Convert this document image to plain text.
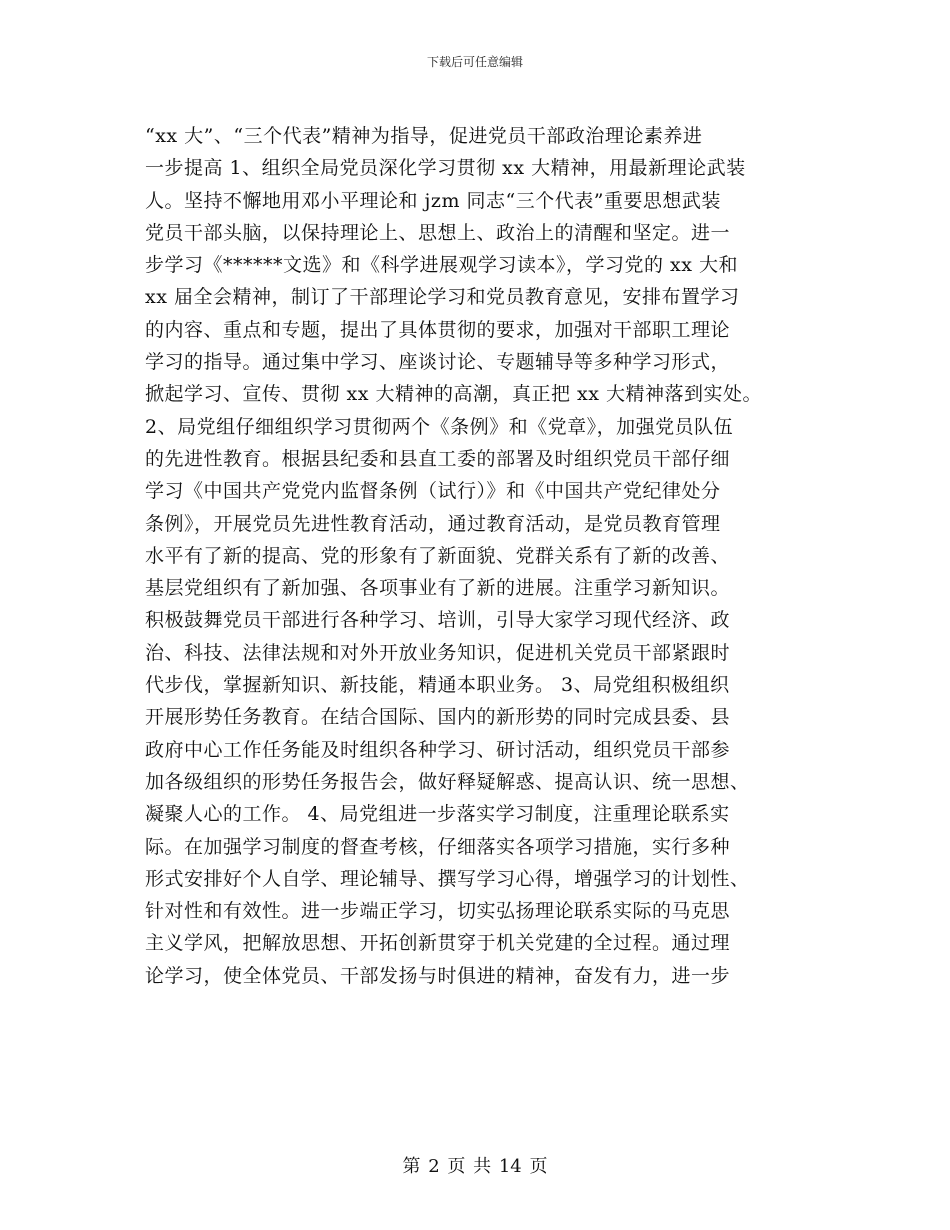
下载后可任意编辑
“xx 大”、“三个代表”精神为指导，促进党员干部政治理论素养进
一步提高 1、组织全局党员深化学习贯彻 xx 大精神，用最新理论武装
人。坚持不懈地用邓小平理论和 jzm 同志“三个代表”重要思想武装
党员干部头脑，以保持理论上、思想上、政治上的清醒和坚定。进一
步学习《******文选》和《科学进展观学习读本》，学习党的 xx 大和
xx 届全会精神，制订了干部理论学习和党员教育意见，安排布置学习
的内容、重点和专题，提出了具体贯彻的要求，加强对干部职工理论
学习的指导。通过集中学习、座谈讨论、专题辅导等多种学习形式，
掀起学习、宣传、贯彻 xx 大精神的高潮，真正把 xx 大精神落到实处。
2、局党组仔细组织学习贯彻两个《条例》和《党章》，加强党员队伍
的先进性教育。根据县纪委和县直工委的部署及时组织党员干部仔细
学习《中国共产党党内监督条例（试行）》和《中国共产党纪律处分
条例》，开展党员先进性教育活动，通过教育活动，是党员教育管理
水平有了新的提高、党的形象有了新面貌、党群关系有了新的改善、
基层党组织有了新加强、各项事业有了新的进展。注重学习新知识。
积极鼓舞党员干部进行各种学习、培训，引导大家学习现代经济、政
治、科技、法律法规和对外开放业务知识，促进机关党员干部紧跟时
代步伐，掌握新知识、新技能，精通本职业务。 3、局党组积极组织
开展形势任务教育。在结合国际、国内的新形势的同时完成县委、县
政府中心工作任务能及时组织各种学习、研讨活动，组织党员干部参
加各级组织的形势任务报告会，做好释疑解惑、提高认识、统一思想、
凝聚人心的工作。 4、局党组进一步落实学习制度，注重理论联系实
际。在加强学习制度的督查考核，仔细落实各项学习措施，实行多种
形式安排好个人自学、理论辅导、撰写学习心得，增强学习的计划性、
针对性和有效性。进一步端正学习，切实弘扬理论联系实际的马克思
主义学风，把解放思想、开拓创新贯穿于机关党建的全过程。通过理
论学习，使全体党员、干部发扬与时俱进的精神，奋发有力，进一步
第 2 页 共 14 页
